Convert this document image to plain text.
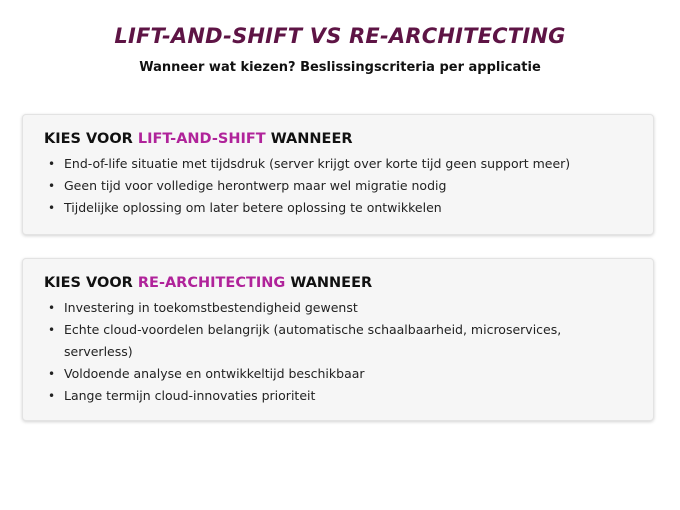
LIFT-AND-SHIFT VS RE-ARCHITECTING
Wanneer wat kiezen? Beslissingscriteria per applicatie
KIES VOOR LIFT-AND-SHIFT WANNEER
• End-of-life situatie met tijdsdruk (server krijgt over korte tijd geen support meer)
• Geen tijd voor volledige herontwerp maar wel migratie nodig
• Tijdelijke oplossing om later betere oplossing te ontwikkelen
KIES VOOR RE-ARCHITECTING WANNEER
• Investering in toekomstbestendigheid gewenst
• Echte cloud-voordelen belangrijk (automatische schaalbaarheid, microservices, serverless)
• Voldoende analyse en ontwikkeltijd beschikbaar
• Lange termijn cloud-innovaties prioriteit
